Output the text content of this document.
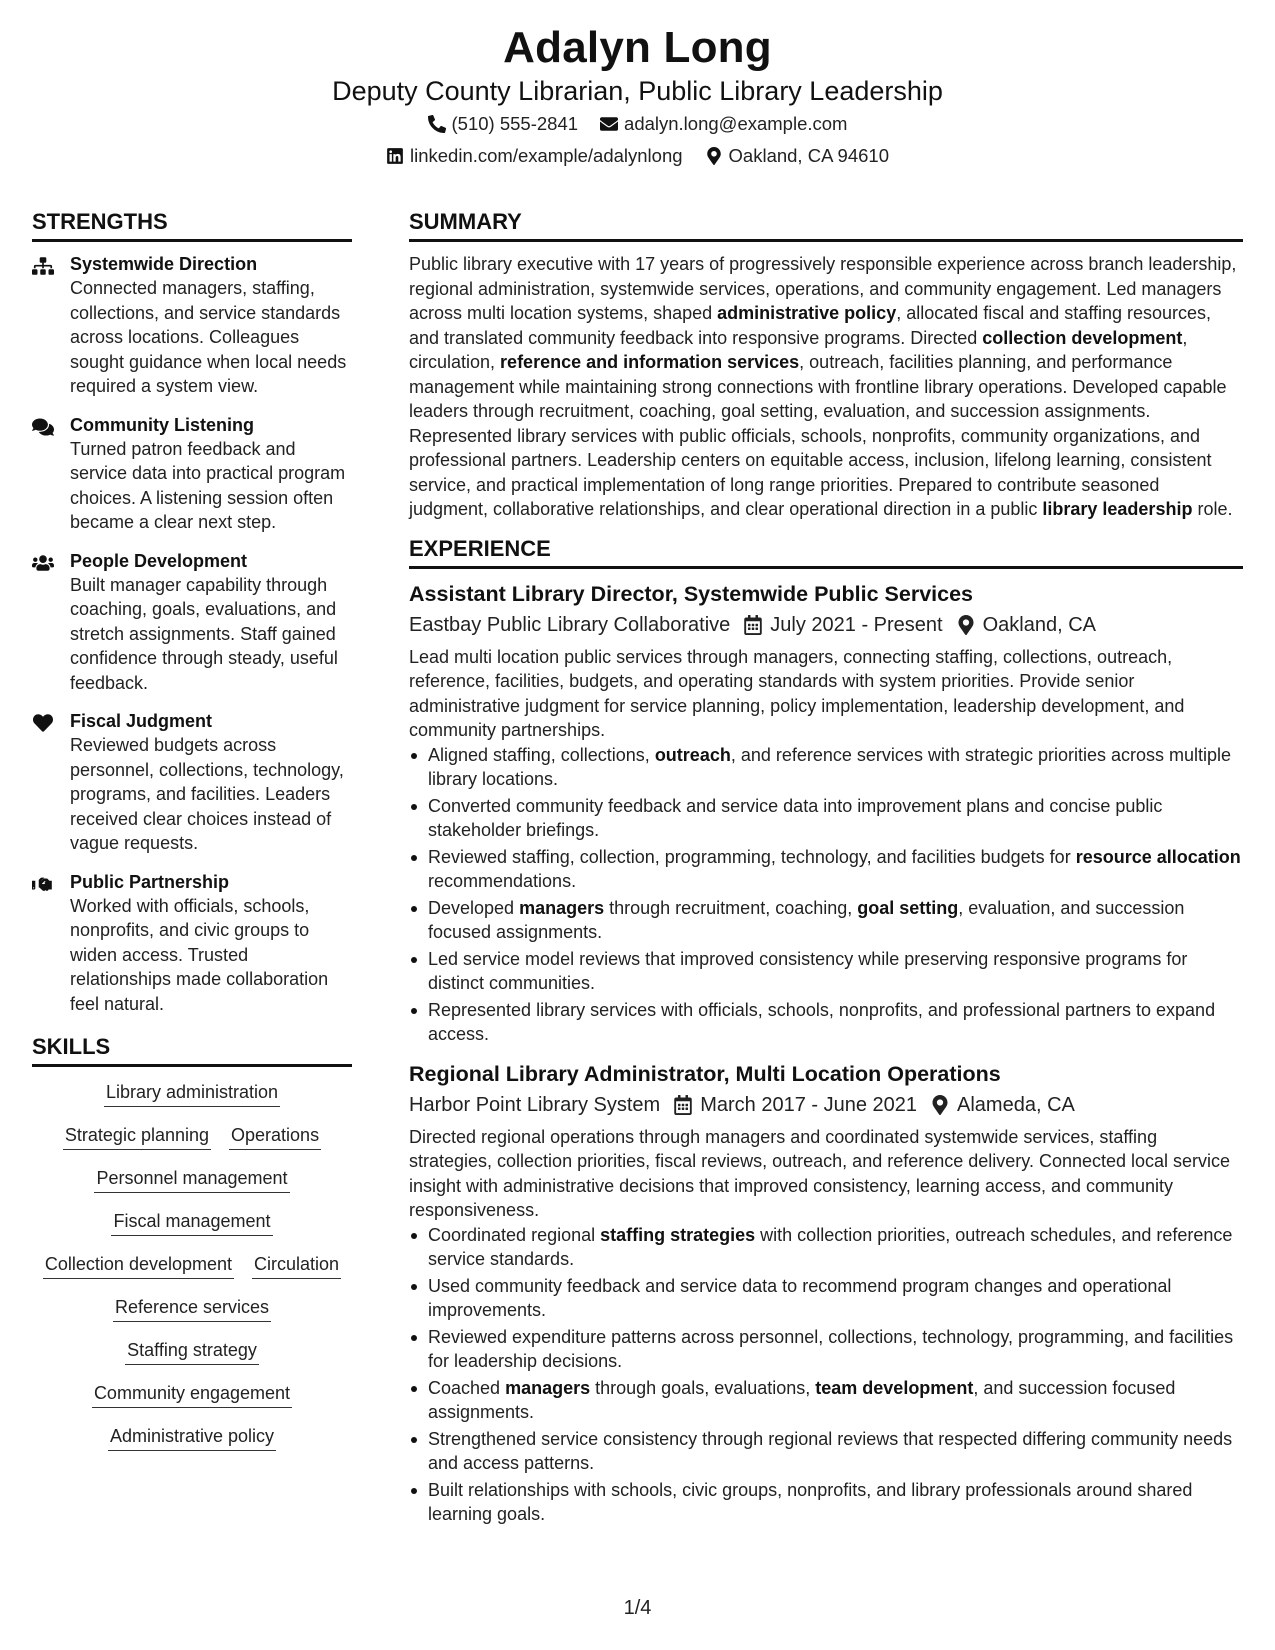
Adalyn Long
Deputy County Librarian, Public Library Leadership
(510) 555-2841 adalyn.long@example.com
linkedin.com/example/adalynlong Oakland, CA 94610
STRENGTHS
Systemwide Direction
Connected managers, staffing, collections, and service standards across locations. Colleagues sought guidance when local needs required a system view.
Community Listening
Turned patron feedback and service data into practical program choices. A listening session often became a clear next step.
People Development
Built manager capability through coaching, goals, evaluations, and stretch assignments. Staff gained confidence through steady, useful feedback.
Fiscal Judgment
Reviewed budgets across personnel, collections, technology, programs, and facilities. Leaders received clear choices instead of vague requests.
Public Partnership
Worked with officials, schools, nonprofits, and civic groups to widen access. Trusted relationships made collaboration feel natural.
SKILLS
Library administration
Strategic planning Operations
Personnel management
Fiscal management
Collection development Circulation
Reference services
Staffing strategy
Community engagement
Administrative policy
SUMMARY
Public library executive with 17 years of progressively responsible experience across branch leadership, regional administration, systemwide services, operations, and community engagement. Led managers across multi location systems, shaped administrative policy, allocated fiscal and staffing resources, and translated community feedback into responsive programs. Directed collection development, circulation, reference and information services, outreach, facilities planning, and performance management while maintaining strong connections with frontline library operations. Developed capable leaders through recruitment, coaching, goal setting, evaluation, and succession assignments. Represented library services with public officials, schools, nonprofits, community organizations, and professional partners. Leadership centers on equitable access, inclusion, lifelong learning, consistent service, and practical implementation of long range priorities. Prepared to contribute seasoned judgment, collaborative relationships, and clear operational direction in a public library leadership role.
EXPERIENCE
Assistant Library Director, Systemwide Public Services
Eastbay Public Library Collaborative July 2021 - Present Oakland, CA
Lead multi location public services through managers, connecting staffing, collections, outreach, reference, facilities, budgets, and operating standards with system priorities. Provide senior administrative judgment for service planning, policy implementation, leadership development, and community partnerships.
Aligned staffing, collections, outreach, and reference services with strategic priorities across multiple library locations.
Converted community feedback and service data into improvement plans and concise public stakeholder briefings.
Reviewed staffing, collection, programming, technology, and facilities budgets for resource allocation recommendations.
Developed managers through recruitment, coaching, goal setting, evaluation, and succession focused assignments.
Led service model reviews that improved consistency while preserving responsive programs for distinct communities.
Represented library services with officials, schools, nonprofits, and professional partners to expand access.
Regional Library Administrator, Multi Location Operations
Harbor Point Library System March 2017 - June 2021 Alameda, CA
Directed regional operations through managers and coordinated systemwide services, staffing strategies, collection priorities, fiscal reviews, outreach, and reference delivery. Connected local service insight with administrative decisions that improved consistency, learning access, and community responsiveness.
Coordinated regional staffing strategies with collection priorities, outreach schedules, and reference service standards.
Used community feedback and service data to recommend program changes and operational improvements.
Reviewed expenditure patterns across personnel, collections, technology, programming, and facilities for leadership decisions.
Coached managers through goals, evaluations, team development, and succession focused assignments.
Strengthened service consistency through regional reviews that respected differing community needs and access patterns.
Built relationships with schools, civic groups, nonprofits, and library professionals around shared learning goals.
1/4
